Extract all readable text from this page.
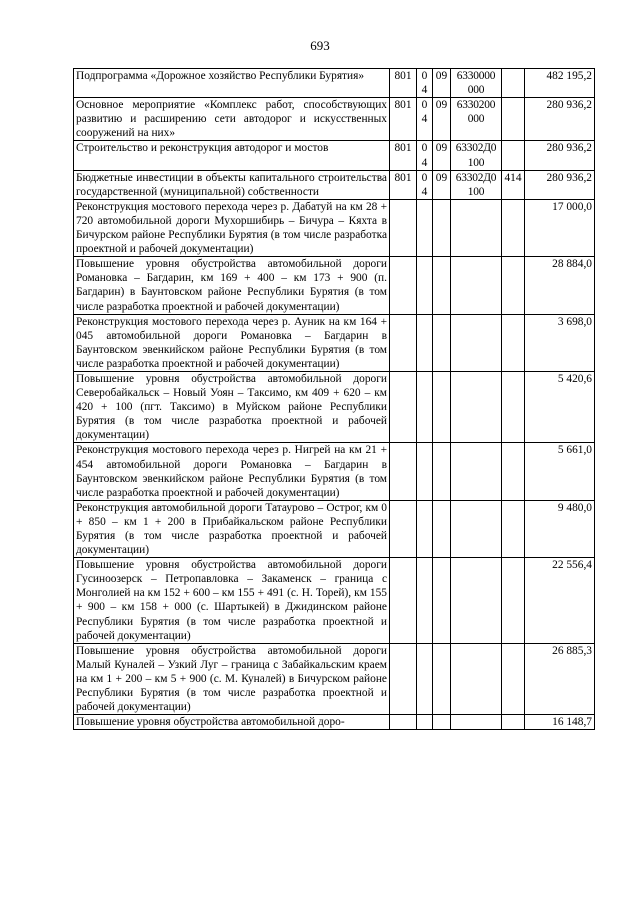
693
Подпрограмма «Дорожное хозяйство Республики Бурятия»	801	04	09	6330000 000		482 195,2
Основное мероприятие «Комплекс работ, способствующих развитию и расширению сети автодорог и искусственных сооружений на них»	801	04	09	6330200 000		280 936,2
Строительство и реконструкция автодорог и мостов	801	04	09	63302Д0 100		280 936,2
Бюджетные инвестиции в объекты капитального строительства государственной (муниципальной) собственности	801	04	09	63302Д0 100	414	280 936,2
Реконструкция мостового перехода через р. Дабатуй на км 28 + 720 автомобильной дороги Мухоршибирь – Бичура – Кяхта в Бичурском районе Республики Бурятия (в том числе разработка проектной и рабочей документации)						17 000,0
Повышение уровня обустройства автомобильной дороги Романовка – Багдарин, км 169 + 400 – км 173 + 900 (п. Багдарин) в Баунтовском районе Республики Бурятия (в том числе разработка проектной и рабочей документации)						28 884,0
Реконструкция мостового перехода через р. Ауник на км 164 + 045 автомобильной дороги Романовка – Багдарин в Баунтовском эвенкийском районе Республики Бурятия (в том числе разработка проектной и рабочей документации)						3 698,0
Повышение уровня обустройства автомобильной дороги Северобайкальск – Новый Уоян – Таксимо, км 409 + 620 – км 420 + 100 (пгт. Таксимо) в Муйском районе Республики Бурятия (в том числе разработка проектной и рабочей документации)						5 420,6
Реконструкция мостового перехода через р. Нигрей на км 21 + 454 автомобильной дороги Романовка – Багдарин в Баунтовском эвенкийском районе Республики Бурятия (в том числе разработка проектной и рабочей документации)						5 661,0
Реконструкция автомобильной дороги Татаурово – Острог, км 0 + 850 – км 1 + 200 в Прибайкальском районе Республики Бурятия (в том числе разработка проектной и рабочей документации)						9 480,0
Повышение уровня обустройства автомобильной дороги Гусиноозерск – Петропавловка – Закаменск – граница с Монголией на км 152 + 600 – км 155 + 491 (с. Н. Торей), км 155 + 900 – км 158 + 000 (с. Шартыкей) в Джидинском районе Республики Бурятия (в том числе разработка проектной и рабочей документации)						22 556,4
Повышение уровня обустройства автомобильной дороги Малый Куналей – Узкий Луг – граница с Забайкальским краем на км 1 + 200 – км 5 + 900 (с. М. Куналей) в Бичурском районе Республики Бурятия (в том числе разработка проектной и рабочей документации)						26 885,3
Повышение уровня обустройства автомобильной доро-						16 148,7
